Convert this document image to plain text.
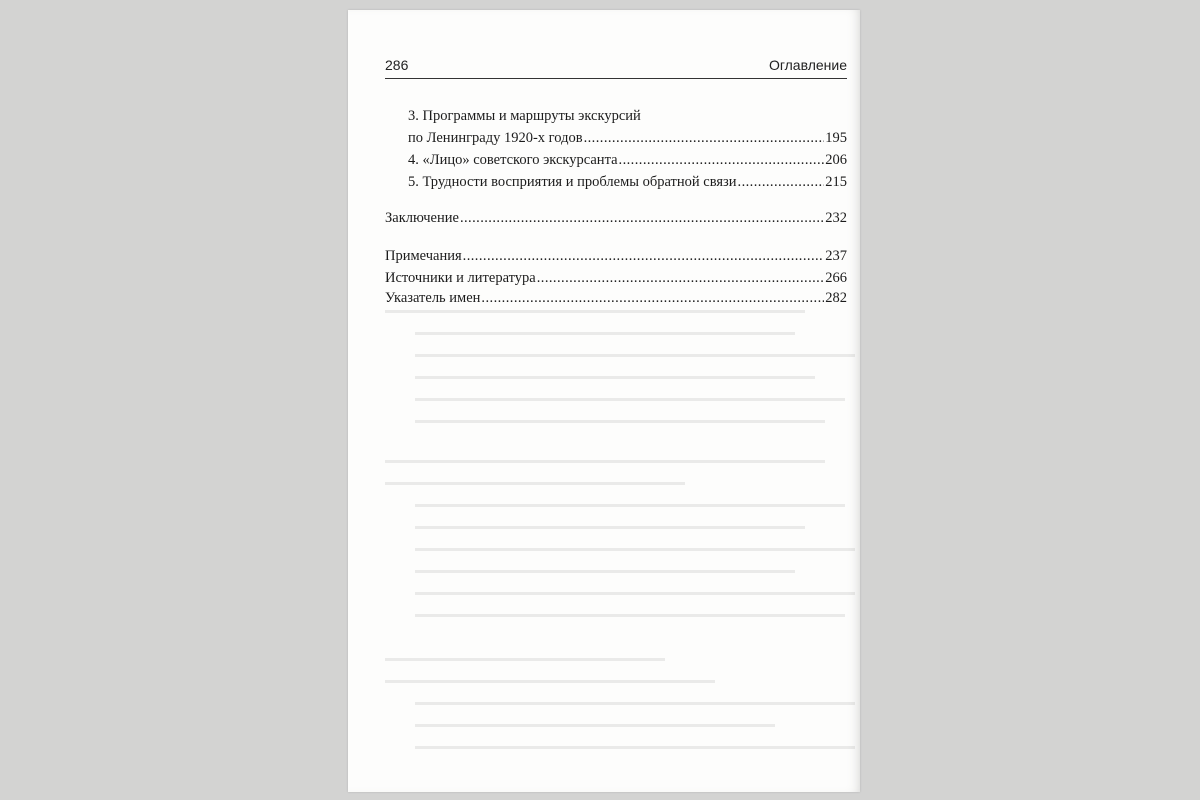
286	Оглавление
3. Программы и маршруты экскурсий
по Ленинграду 1920-х годов . . .	195
4. «Лицо» советского экскурсанта . . .	206
5. Трудности восприятия и проблемы обратной связи . . .	215
Заключение . . .	232
Примечания . . .	237
Источники и литература . . .	266
Указатель имен . . .	282
